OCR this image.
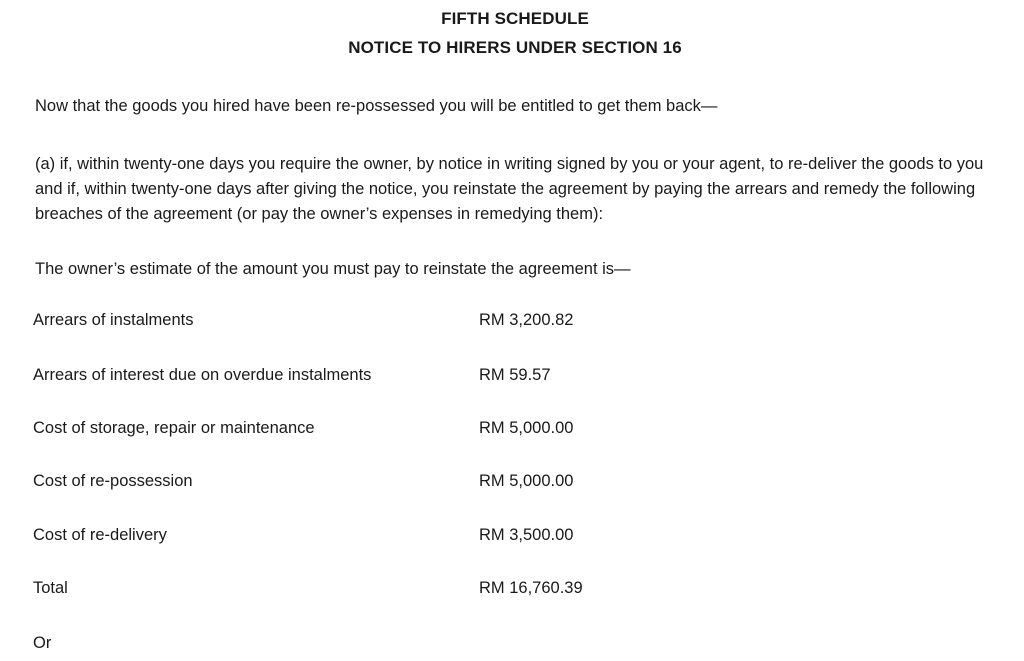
FIFTH SCHEDULE
NOTICE TO HIRERS UNDER SECTION 16
Now that the goods you hired have been re-possessed you will be entitled to get them back—
(a) if, within twenty-one days you require the owner, by notice in writing signed by you or your agent, to re-deliver the goods to you and if, within twenty-one days after giving the notice, you reinstate the agreement by paying the arrears and remedy the following breaches of the agreement (or pay the owner’s expenses in remedying them):
The owner’s estimate of the amount you must pay to reinstate the agreement is—
Arrears of instalments	RM 3,200.82
Arrears of interest due on overdue instalments	RM 59.57
Cost of storage, repair or maintenance	RM 5,000.00
Cost of re-possession	RM 5,000.00
Cost of re-delivery	RM 3,500.00
Total	RM 16,760.39
Or
